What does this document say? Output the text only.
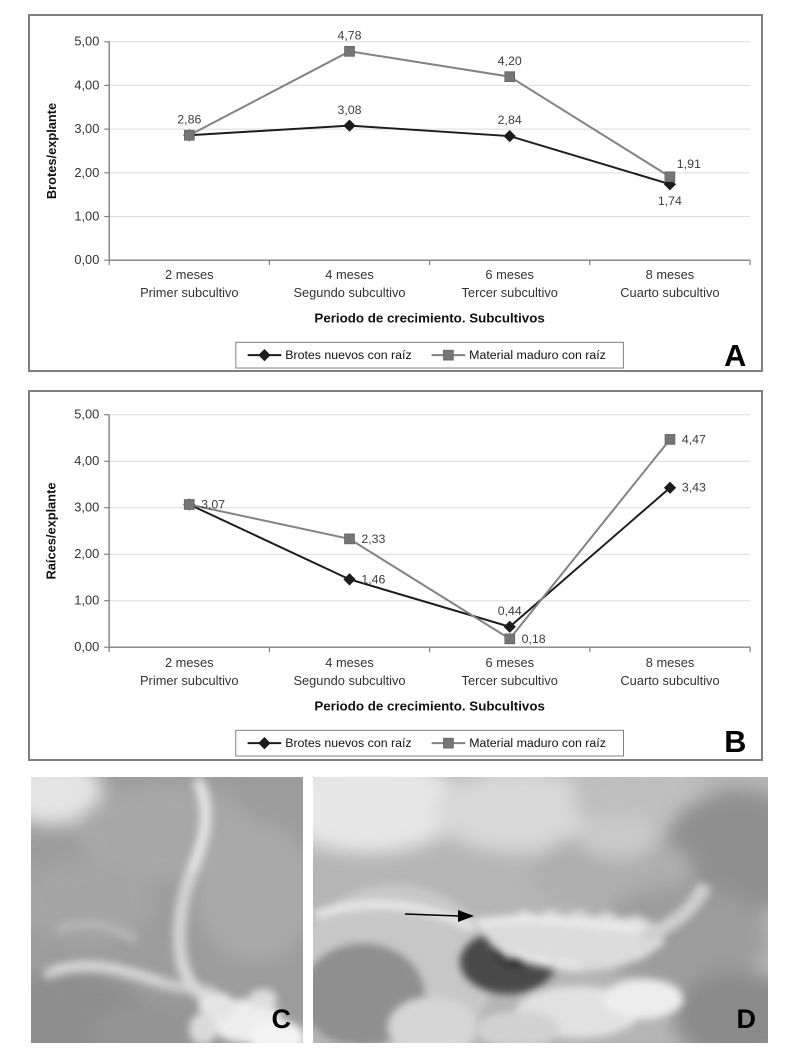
3,08
2,84
1,74
2,86
4,78
4,20
1,91
0,00
1,00
2,00
3,00
4,00
5,00
2 meses
Primer subcultivo
4 meses
Segundo subcultivo
6 meses
Tercer subcultivo
8 meses
Cuarto subcultivo
Brotes/explante
Periodo de crecimiento. Subcultivos
Brotes nuevos con raíz	Material maduro con raíz	A
1,46
0,44
3,43
3,07
2,33
0,18
4,47
0,00
1,00
2,00
3,00
4,00
5,00
2 meses
Primer subcultivo
4 meses
Segundo subcultivo
6 meses
Tercer subcultivo
8 meses
Cuarto subcultivo
Raíces/explante
Periodo de crecimiento. Subcultivos
Brotes nuevos con raíz	Material maduro con raíz	B
C	D
